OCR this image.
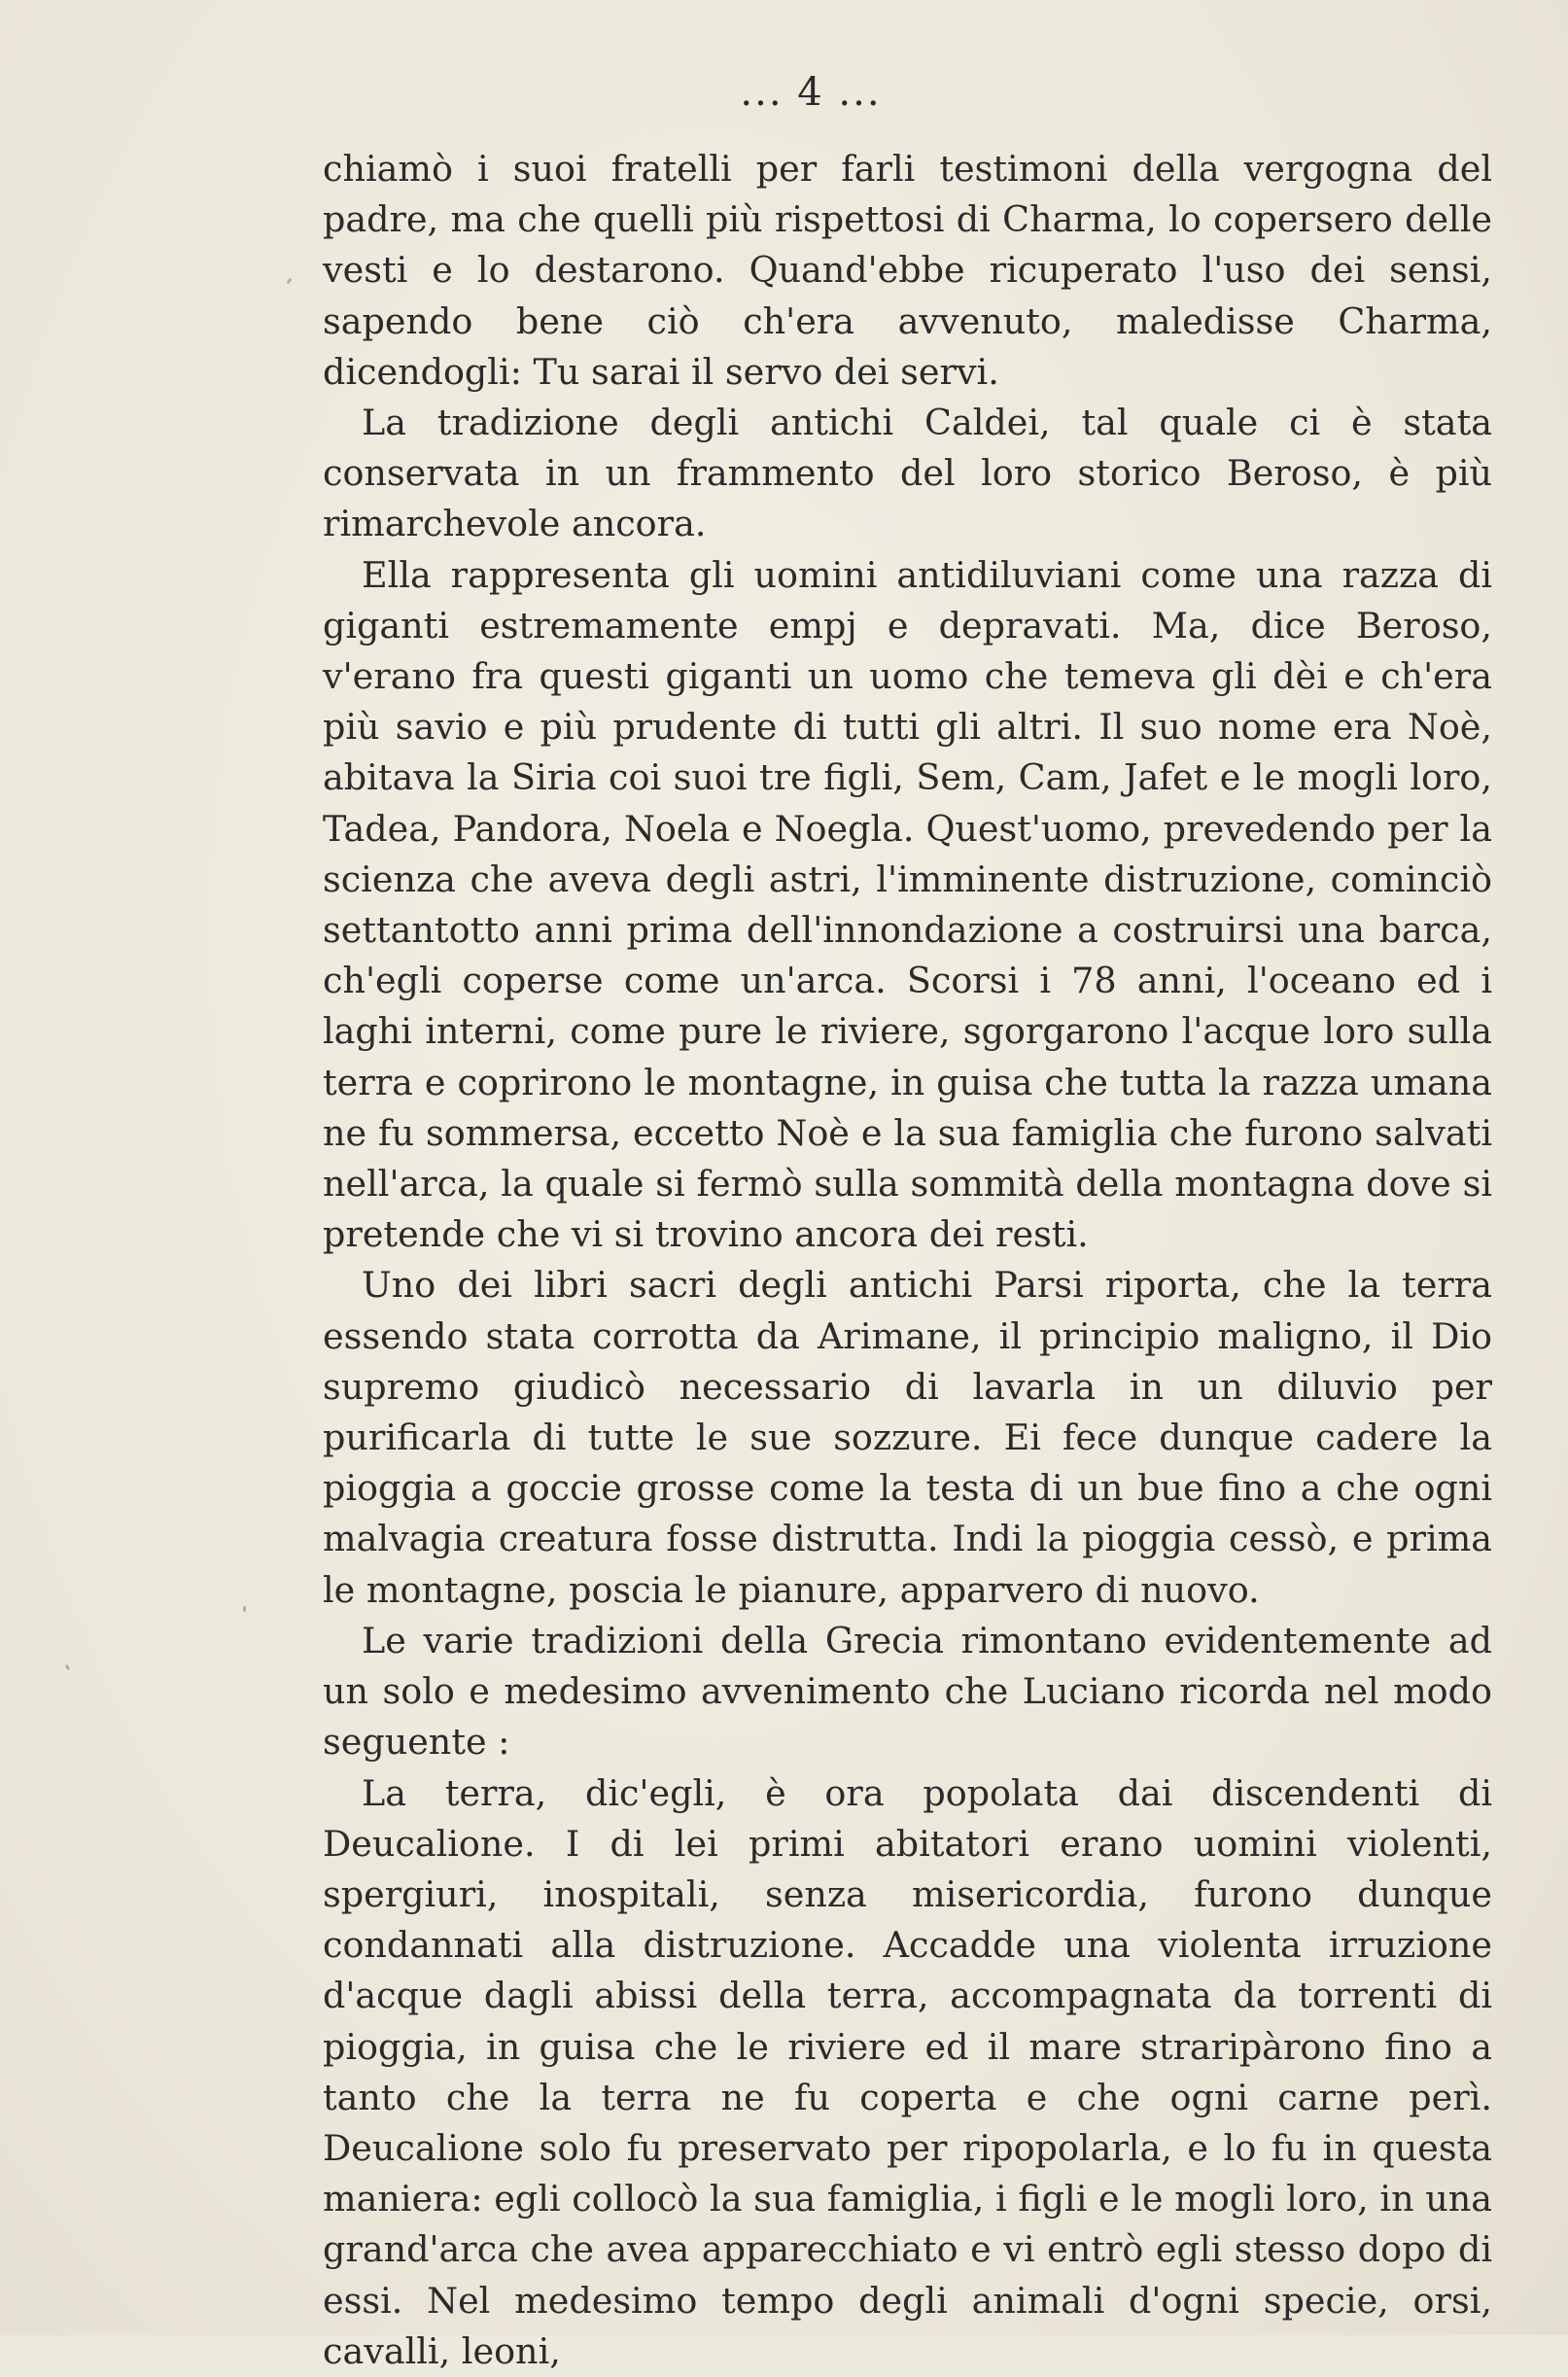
... 4 ...

chiamò i suoi fratelli per farli testimoni della vergogna del padre, ma che quelli più rispettosi di Charma, lo copersero delle vesti e lo destarono. Quand'ebbe ricuperato l'uso dei sensi, sapendo bene ciò ch'era avvenuto, maledisse Charma, dicendogli: Tu sarai il servo dei servi.

La tradizione degli antichi Caldei, tal quale ci è stata conservata in un frammento del loro storico Beroso, è più rimarchevole ancora.

Ella rappresenta gli uomini antidiluviani come una razza di giganti estremamente empj e depravati. Ma, dice Beroso, v'erano fra questi giganti un uomo che temeva gli dèi e ch'era più savio e più prudente di tutti gli altri. Il suo nome era Noè, abitava la Siria coi suoi tre figli, Sem, Cam, Jafet e le mogli loro, Tadea, Pandora, Noela e Noegla. Quest'uomo, prevedendo per la scienza che aveva degli astri, l'imminente distruzione, cominciò settantotto anni prima dell'innondazione a costruirsi una barca, ch'egli coperse come un'arca. Scorsi i 78 anni, l'oceano ed i laghi interni, come pure le riviere, sgorgarono l'acque loro sulla terra e coprirono le montagne, in guisa che tutta la razza umana ne fu sommersa, eccetto Noè e la sua famiglia che furono salvati nell'arca, la quale si fermò sulla sommità della montagna dove si pretende che vi si trovino ancora dei resti.

Uno dei libri sacri degli antichi Parsi riporta, che la terra essendo stata corrotta da Arimane, il principio maligno, il Dio supremo giudicò necessario di lavarla in un diluvio per purificarla di tutte le sue sozzure. Ei fece dunque cadere la pioggia a goccie grosse come la testa di un bue fino a che ogni malvagia creatura fosse distrutta. Indi la pioggia cessò, e prima le montagne, poscia le pianure, apparvero di nuovo.

Le varie tradizioni della Grecia rimontano evidentemente ad un solo e medesimo avvenimento che Luciano ricorda nel modo seguente :

La terra, dic'egli, è ora popolata dai discendenti di Deucalione. I di lei primi abitatori erano uomini violenti, spergiuri, inospitali, senza misericordia, furono dunque condannati alla distruzione. Accadde una violenta irruzione d'acque dagli abissi della terra, accompagnata da torrenti di pioggia, in guisa che le riviere ed il mare straripàrono fino a tanto che la terra ne fu coperta e che ogni carne perì. Deucalione solo fu preservato per ripopolarla, e lo fu in questa maniera: egli collocò la sua famiglia, i figli e le mogli loro, in una grand'arca che avea apparecchiato e vi entrò egli stesso dopo di essi. Nel medesimo tempo degli animali d'ogni specie, orsi, cavalli, leoni,
